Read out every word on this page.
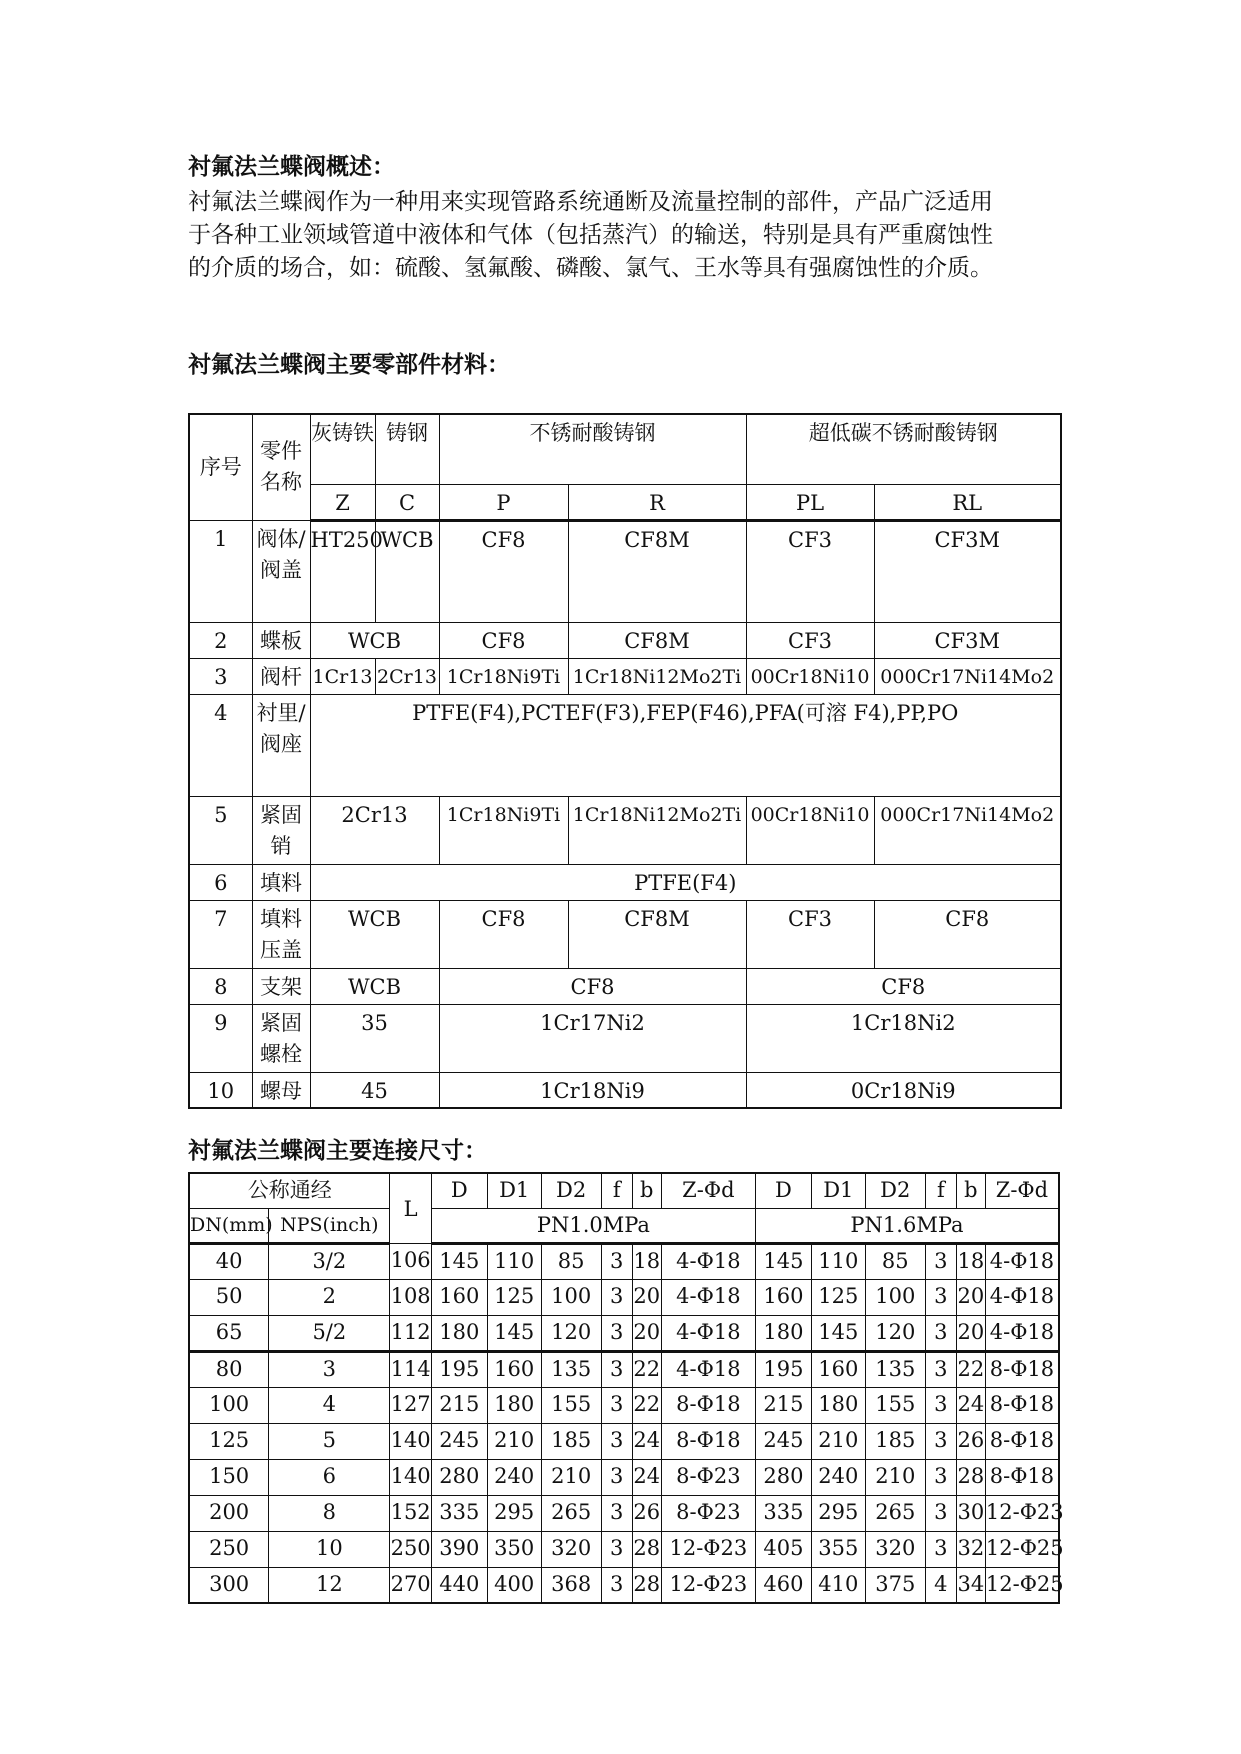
衬氟法兰蝶阀概述：
衬氟法兰蝶阀作为一种用来实现管路系统通断及流量控制的部件，产品广泛适用
于各种工业领域管道中液体和气体（包括蒸汽）的输送，特别是具有严重腐蚀性
的介质的场合，如：硫酸、氢氟酸、磷酸、氯气、王水等具有强腐蚀性的介质。
衬氟法兰蝶阀主要零部件材料：
序号	零件名称	灰铸铁	铸钢	不锈耐酸铸钢		超低碳不锈耐酸铸钢	
		Z	C	P	R	PL	RL
1	阀体/阀盖	HT250	WCB	CF8	CF8M	CF3	CF3M
2	蝶板	WCB		CF8	CF8M	CF3	CF3M
3	阀杆	1Cr13	2Cr13	1Cr18Ni9Ti	1Cr18Ni12Mo2Ti	00Cr18Ni10	000Cr17Ni14Mo2
4	衬里/阀座	PTFE(F4),PCTEF(F3),FEP(F46),PFA(可溶 F4),PP,PO					
5	紧固销	2Cr13		1Cr18Ni9Ti	1Cr18Ni12Mo2Ti	00Cr18Ni10	000Cr17Ni14Mo2
6	填料	PTFE(F4)					
7	填料压盖	WCB		CF8	CF8M	CF3	CF8
8	支架	WCB		CF8		CF8	
9	紧固螺栓	35		1Cr17Ni2		1Cr18Ni2	
10	螺母	45		1Cr18Ni9		0Cr18Ni9	
衬氟法兰蝶阀主要连接尺寸：
公称通经		L	D	D1	D2	f	b	Z-Φd	D	D1	D2	f	b	Z-Φd
DN(mm)	NPS(inch)		PN1.0MPa						PN1.6MPa					
40	3/2	106	145	110	85	3	18	4-Φ18	145	110	85	3	18	4-Φ18
50	2	108	160	125	100	3	20	4-Φ18	160	125	100	3	20	4-Φ18
65	5/2	112	180	145	120	3	20	4-Φ18	180	145	120	3	20	4-Φ18
80	3	114	195	160	135	3	22	4-Φ18	195	160	135	3	22	8-Φ18
100	4	127	215	180	155	3	22	8-Φ18	215	180	155	3	24	8-Φ18
125	5	140	245	210	185	3	24	8-Φ18	245	210	185	3	26	8-Φ18
150	6	140	280	240	210	3	24	8-Φ23	280	240	210	3	28	8-Φ18
200	8	152	335	295	265	3	26	8-Φ23	335	295	265	3	30	12-Φ23
250	10	250	390	350	320	3	28	12-Φ23	405	355	320	3	32	12-Φ25
300	12	270	440	400	368	3	28	12-Φ23	460	410	375	4	34	12-Φ25
